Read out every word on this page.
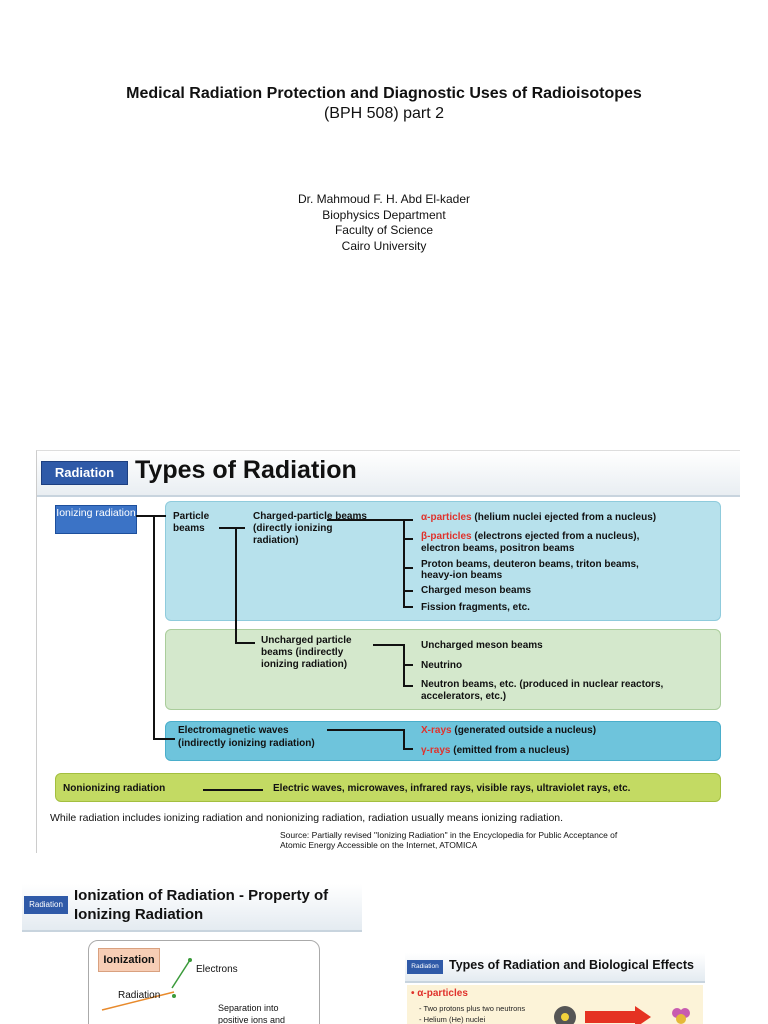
Medical Radiation Protection and Diagnostic Uses of Radioisotopes
(BPH 508) part 2
Dr. Mahmoud F. H. Abd El-kader
Biophysics Department
Faculty of Science
Cairo University
Radiation Types of Radiation
Ionizing radiation	Particle beams
Charged-particle beams (directly ionizing radiation)
α-particles (helium nuclei ejected from a nucleus)
β-particles (electrons ejected from a nucleus),
electron beams, positron beams
Proton beams, deuteron beams, triton beams,
heavy-ion beams
Charged meson beams
Fission fragments, etc.
Uncharged particle beams (indirectly ionizing radiation)
Uncharged meson beams
Neutrino
Neutron beams, etc. (produced in nuclear reactors,
accelerators, etc.)
Electromagnetic waves
(indirectly ionizing radiation)
X-rays (generated outside a nucleus)
γ-rays (emitted from a nucleus)
Nonionizing radiation	Electric waves, microwaves, infrared rays, visible rays, ultraviolet rays, etc.
While radiation includes ionizing radiation and nonionizing radiation, radiation usually means ionizing radiation.
Source: Partially revised "Ionizing Radiation" in the Encyclopedia for Public Acceptance of
Atomic Energy Accessible on the Internet, ATOMICA
Radiation
Ionization of Radiation - Property of Ionizing Radiation
Ionization
Electrons
Radiation
Separation into
positive ions and
Radiation Types of Radiation and Biological Effects
• α-particles
- Two protons plus two neutrons
- Helium (He) nuclei
